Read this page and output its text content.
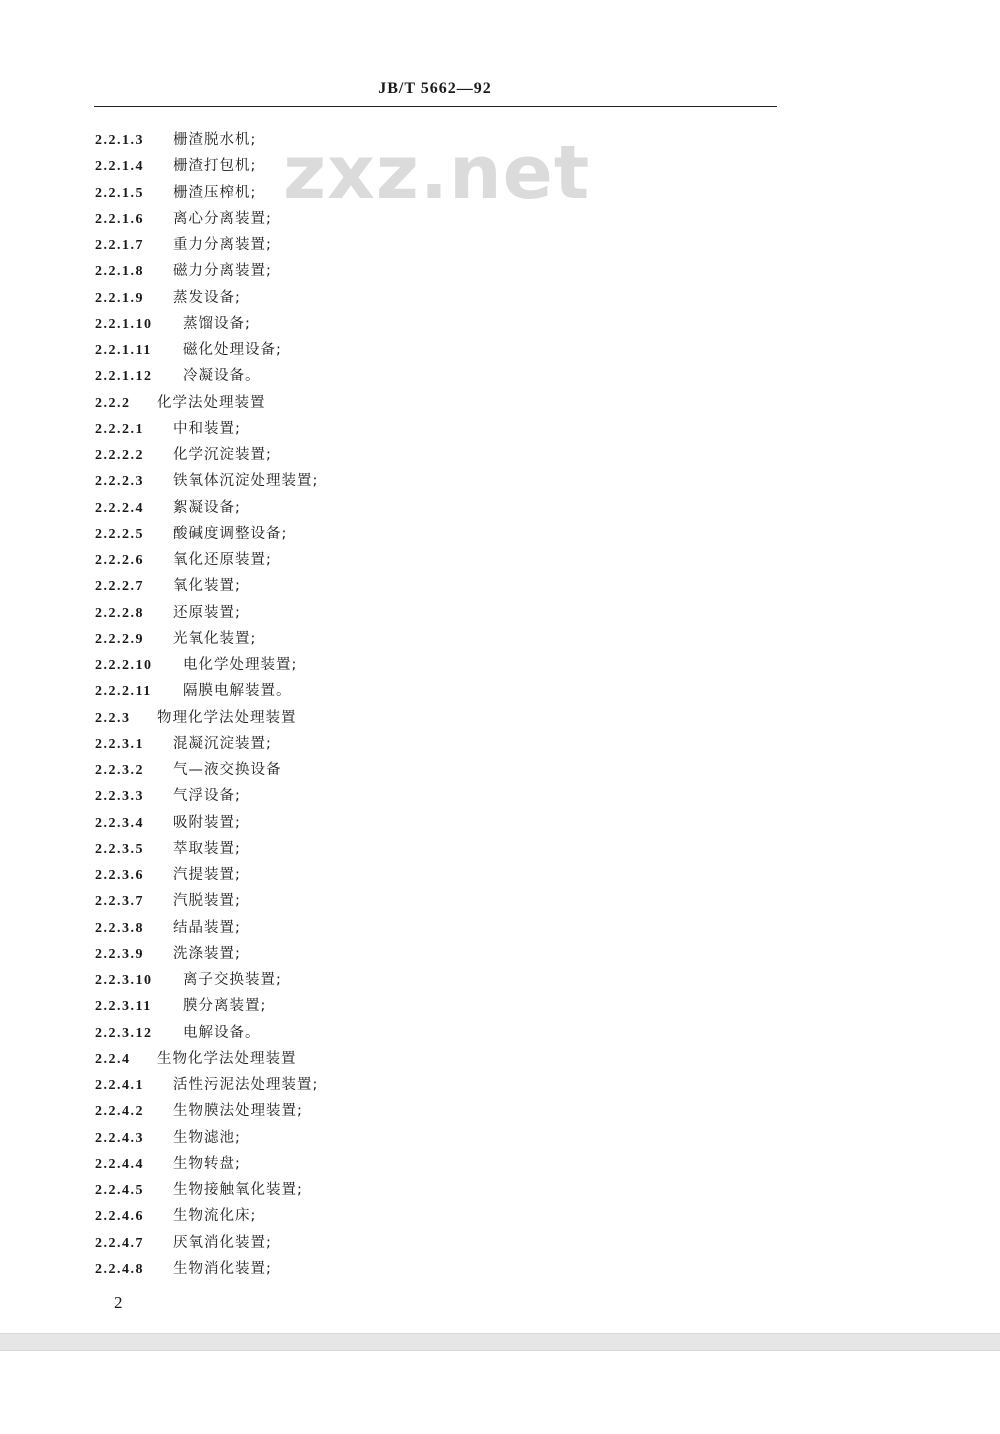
JB/T 5662—92
zxz.net
2.2.1.3 栅渣脱水机;
2.2.1.4 栅渣打包机;
2.2.1.5 栅渣压榨机;
2.2.1.6 离心分离装置;
2.2.1.7 重力分离装置;
2.2.1.8 磁力分离装置;
2.2.1.9 蒸发设备;
2.2.1.10 蒸馏设备;
2.2.1.11 磁化处理设备;
2.2.1.12 冷凝设备。
2.2.2 化学法处理装置
2.2.2.1 中和装置;
2.2.2.2 化学沉淀装置;
2.2.2.3 铁氧体沉淀处理装置;
2.2.2.4 絮凝设备;
2.2.2.5 酸碱度调整设备;
2.2.2.6 氧化还原装置;
2.2.2.7 氧化装置;
2.2.2.8 还原装置;
2.2.2.9 光氧化装置;
2.2.2.10 电化学处理装置;
2.2.2.11 隔膜电解装置。
2.2.3 物理化学法处理装置
2.2.3.1 混凝沉淀装置;
2.2.3.2 气—液交换设备
2.2.3.3 气浮设备;
2.2.3.4 吸附装置;
2.2.3.5 萃取装置;
2.2.3.6 汽提装置;
2.2.3.7 汽脱装置;
2.2.3.8 结晶装置;
2.2.3.9 洗涤装置;
2.2.3.10 离子交换装置;
2.2.3.11 膜分离装置;
2.2.3.12 电解设备。
2.2.4 生物化学法处理装置
2.2.4.1 活性污泥法处理装置;
2.2.4.2 生物膜法处理装置;
2.2.4.3 生物滤池;
2.2.4.4 生物转盘;
2.2.4.5 生物接触氧化装置;
2.2.4.6 生物流化床;
2.2.4.7 厌氧消化装置;
2.2.4.8 生物消化装置;
2
